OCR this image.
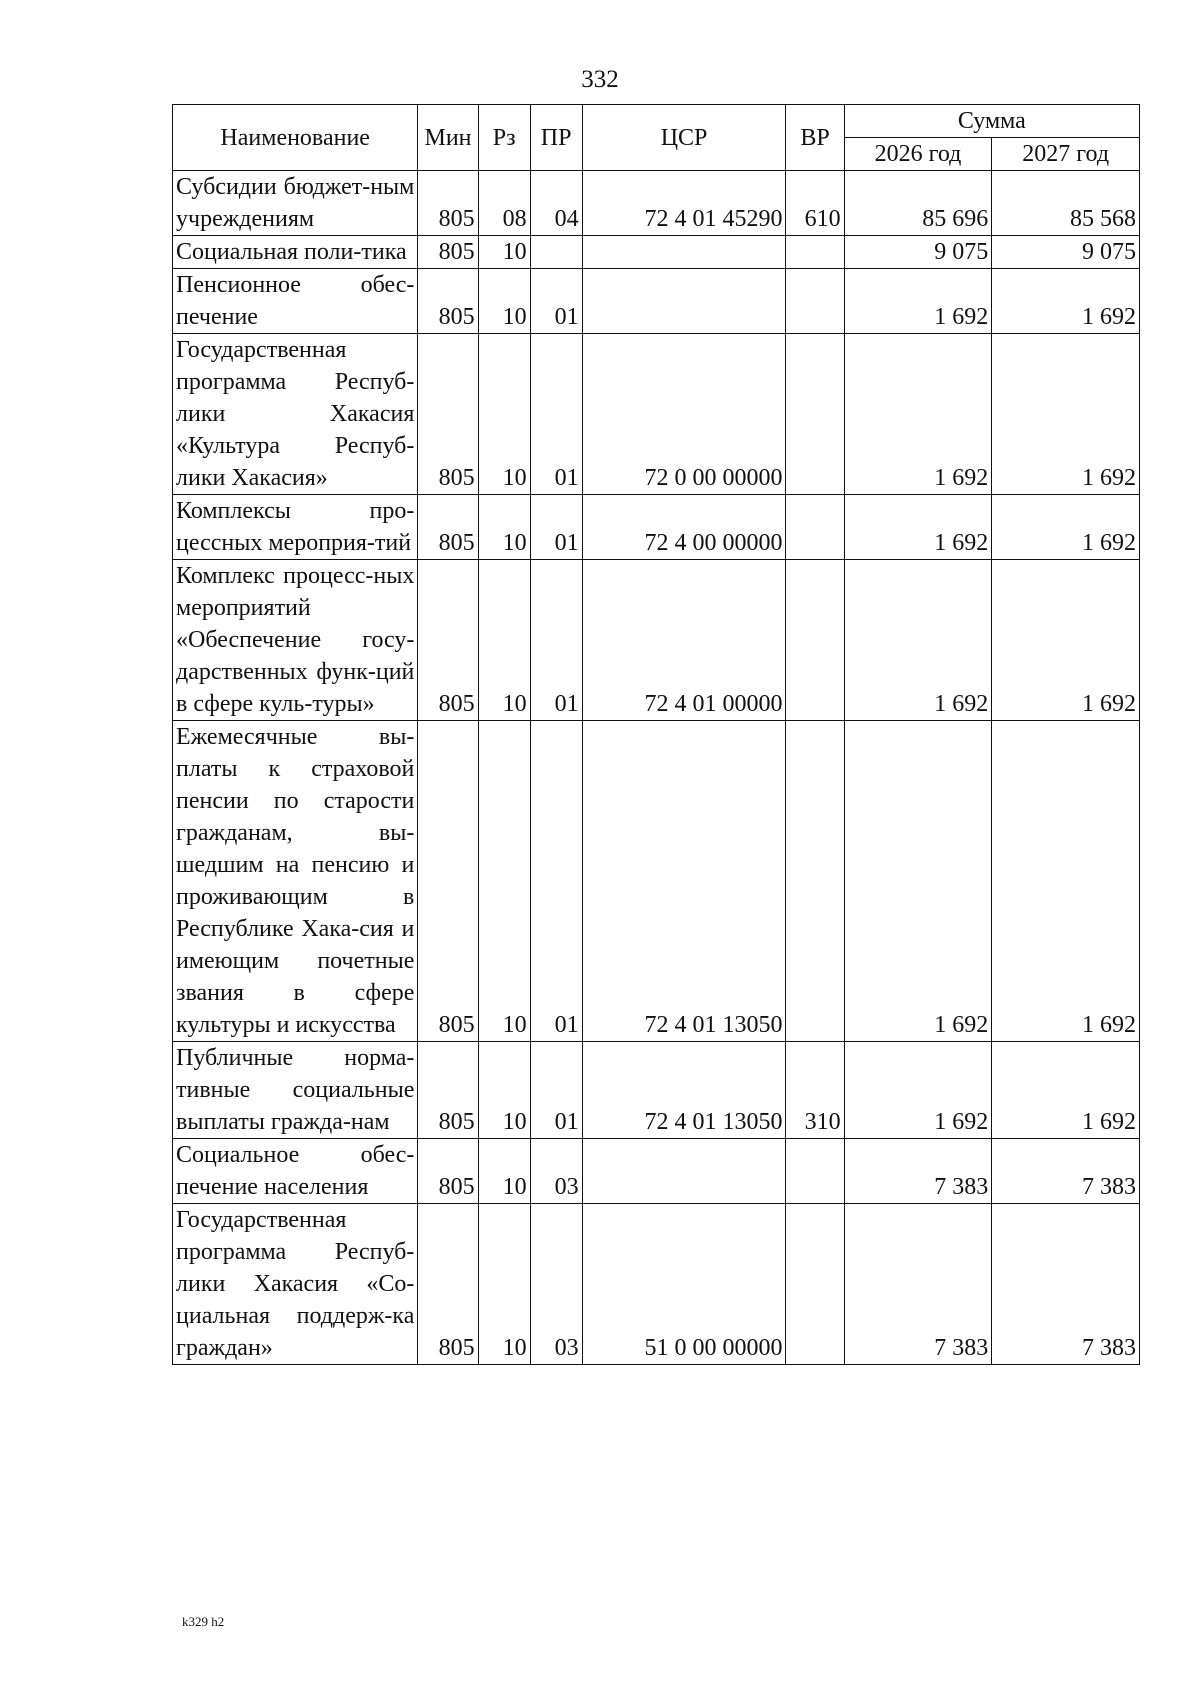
332
Наименование	Мин	Рз	ПР	ЦСР	ВР	Сумма	
						2026 год	2027 год
Субсидии бюджет-ным учреждениям	805	08	04	72 4 01 45290	610	85 696	85 568
Социальная поли-тика	805	10				9 075	9 075
Пенсионное обес-печение	805	10	01			1 692	1 692
Государственная программа Респуб-лики Хакасия «Культура Респуб-лики Хакасия»	805	10	01	72 0 00 00000		1 692	1 692
Комплексы про-цессных мероприя-тий	805	10	01	72 4 00 00000		1 692	1 692
Комплекс процесс-ных мероприятий «Обеспечение госу-дарственных функ-ций в сфере куль-туры»	805	10	01	72 4 01 00000		1 692	1 692
Ежемесячные вы-платы к страховой пенсии по старости гражданам, вы-шедшим на пенсию и проживающим в Республике Хака-сия и имеющим почетные звания в сфере культуры и искусства	805	10	01	72 4 01 13050		1 692	1 692
Публичные норма-тивные социальные выплаты гражда-нам	805	10	01	72 4 01 13050	310	1 692	1 692
Социальное обес-печение населения	805	10	03			7 383	7 383
Государственная программа Респуб-лики Хакасия «Со-циальная поддерж-ка граждан»	805	10	03	51 0 00 00000		7 383	7 383
k329 h2
